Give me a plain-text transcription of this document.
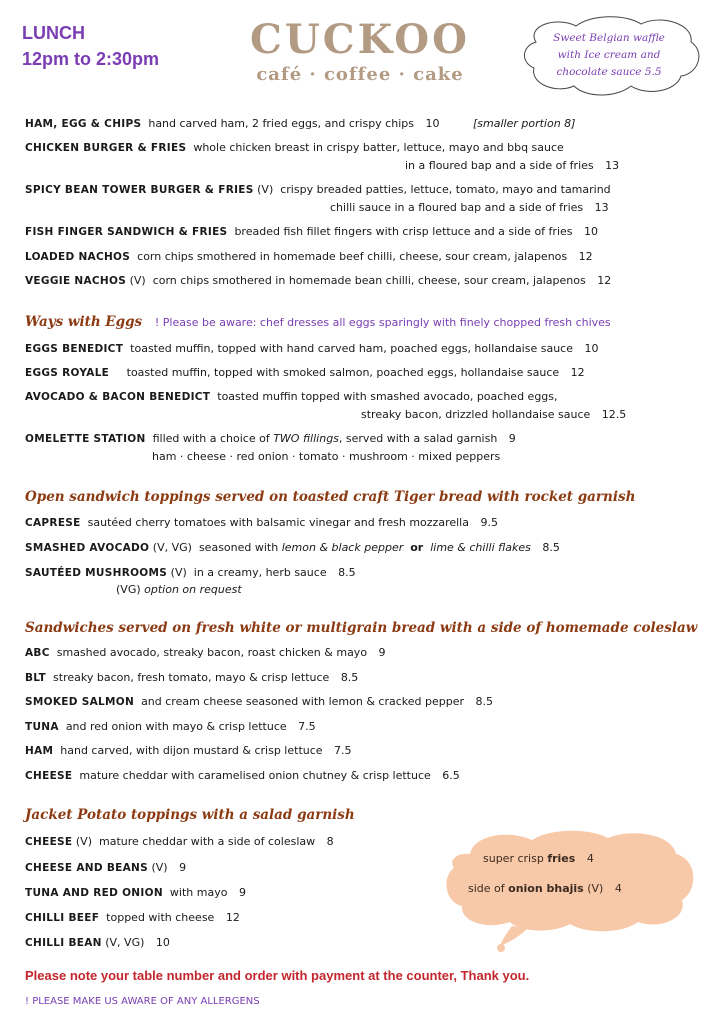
LUNCH
12pm to 2:30pm CUCKOO
café · coffee · cake
Sweet Belgian waffle
with Ice cream and
chocolate sauce 5.5
HAM, EGG & CHIPS hand carved ham, 2 fried eggs, and crispy chips 10	[smaller portion 8]
CHICKEN BURGER & FRIES whole chicken breast in crispy batter, lettuce, mayo and bbq sauce
in a floured bap and a side of fries 13
SPICY BEAN TOWER BURGER & FRIES (V) crispy breaded patties, lettuce, tomato, mayo and tamarind
chilli sauce in a floured bap and a side of fries 13
FISH FINGER SANDWICH & FRIES breaded fish fillet fingers with crisp lettuce and a side of fries 10
LOADED NACHOS corn chips smothered in homemade beef chilli, cheese, sour cream, jalapenos 12
VEGGIE NACHOS (V) corn chips smothered in homemade bean chilli, cheese, sour cream, jalapenos 12
Ways with Eggs ! Please be aware: chef dresses all eggs sparingly with finely chopped fresh chives
EGGS BENEDICT toasted muffin, topped with hand carved ham, poached eggs, hollandaise sauce 10
EGGS ROYALE toasted muffin, topped with smoked salmon, poached eggs, hollandaise sauce 12
AVOCADO & BACON BENEDICT toasted muffin topped with smashed avocado, poached eggs,
streaky bacon, drizzled hollandaise sauce 12.5
OMELETTE STATION filled with a choice of TWO fillings, served with a salad garnish 9
ham · cheese · red onion · tomato · mushroom · mixed peppers
Open sandwich toppings served on toasted craft Tiger bread with rocket garnish
CAPRESE sautéed cherry tomatoes with balsamic vinegar and fresh mozzarella 9.5
SMASHED AVOCADO (V, VG) seasoned with lemon & black pepper or lime & chilli flakes 8.5
SAUTÉED MUSHROOMS (V) in a creamy, herb sauce 8.5
(VG) option on request
Sandwiches served on fresh white or multigrain bread with a side of homemade coleslaw
ABC smashed avocado, streaky bacon, roast chicken & mayo 9
BLT streaky bacon, fresh tomato, mayo & crisp lettuce 8.5
SMOKED SALMON and cream cheese seasoned with lemon & cracked pepper 8.5
TUNA and red onion with mayo & crisp lettuce 7.5
HAM hand carved, with dijon mustard & crisp lettuce 7.5
CHEESE mature cheddar with caramelised onion chutney & crisp lettuce 6.5
Jacket Potato toppings with a salad garnish
CHEESE (V) mature cheddar with a side of coleslaw 8
CHEESE AND BEANS (V) 9
TUNA AND RED ONION with mayo 9
CHILLI BEEF topped with cheese 12
CHILLI BEAN (V, VG) 10
super crisp fries 4
side of onion bhajis (V) 4
Please note your table number and order with payment at the counter, Thank you.
! PLEASE MAKE US AWARE OF ANY ALLERGENS
